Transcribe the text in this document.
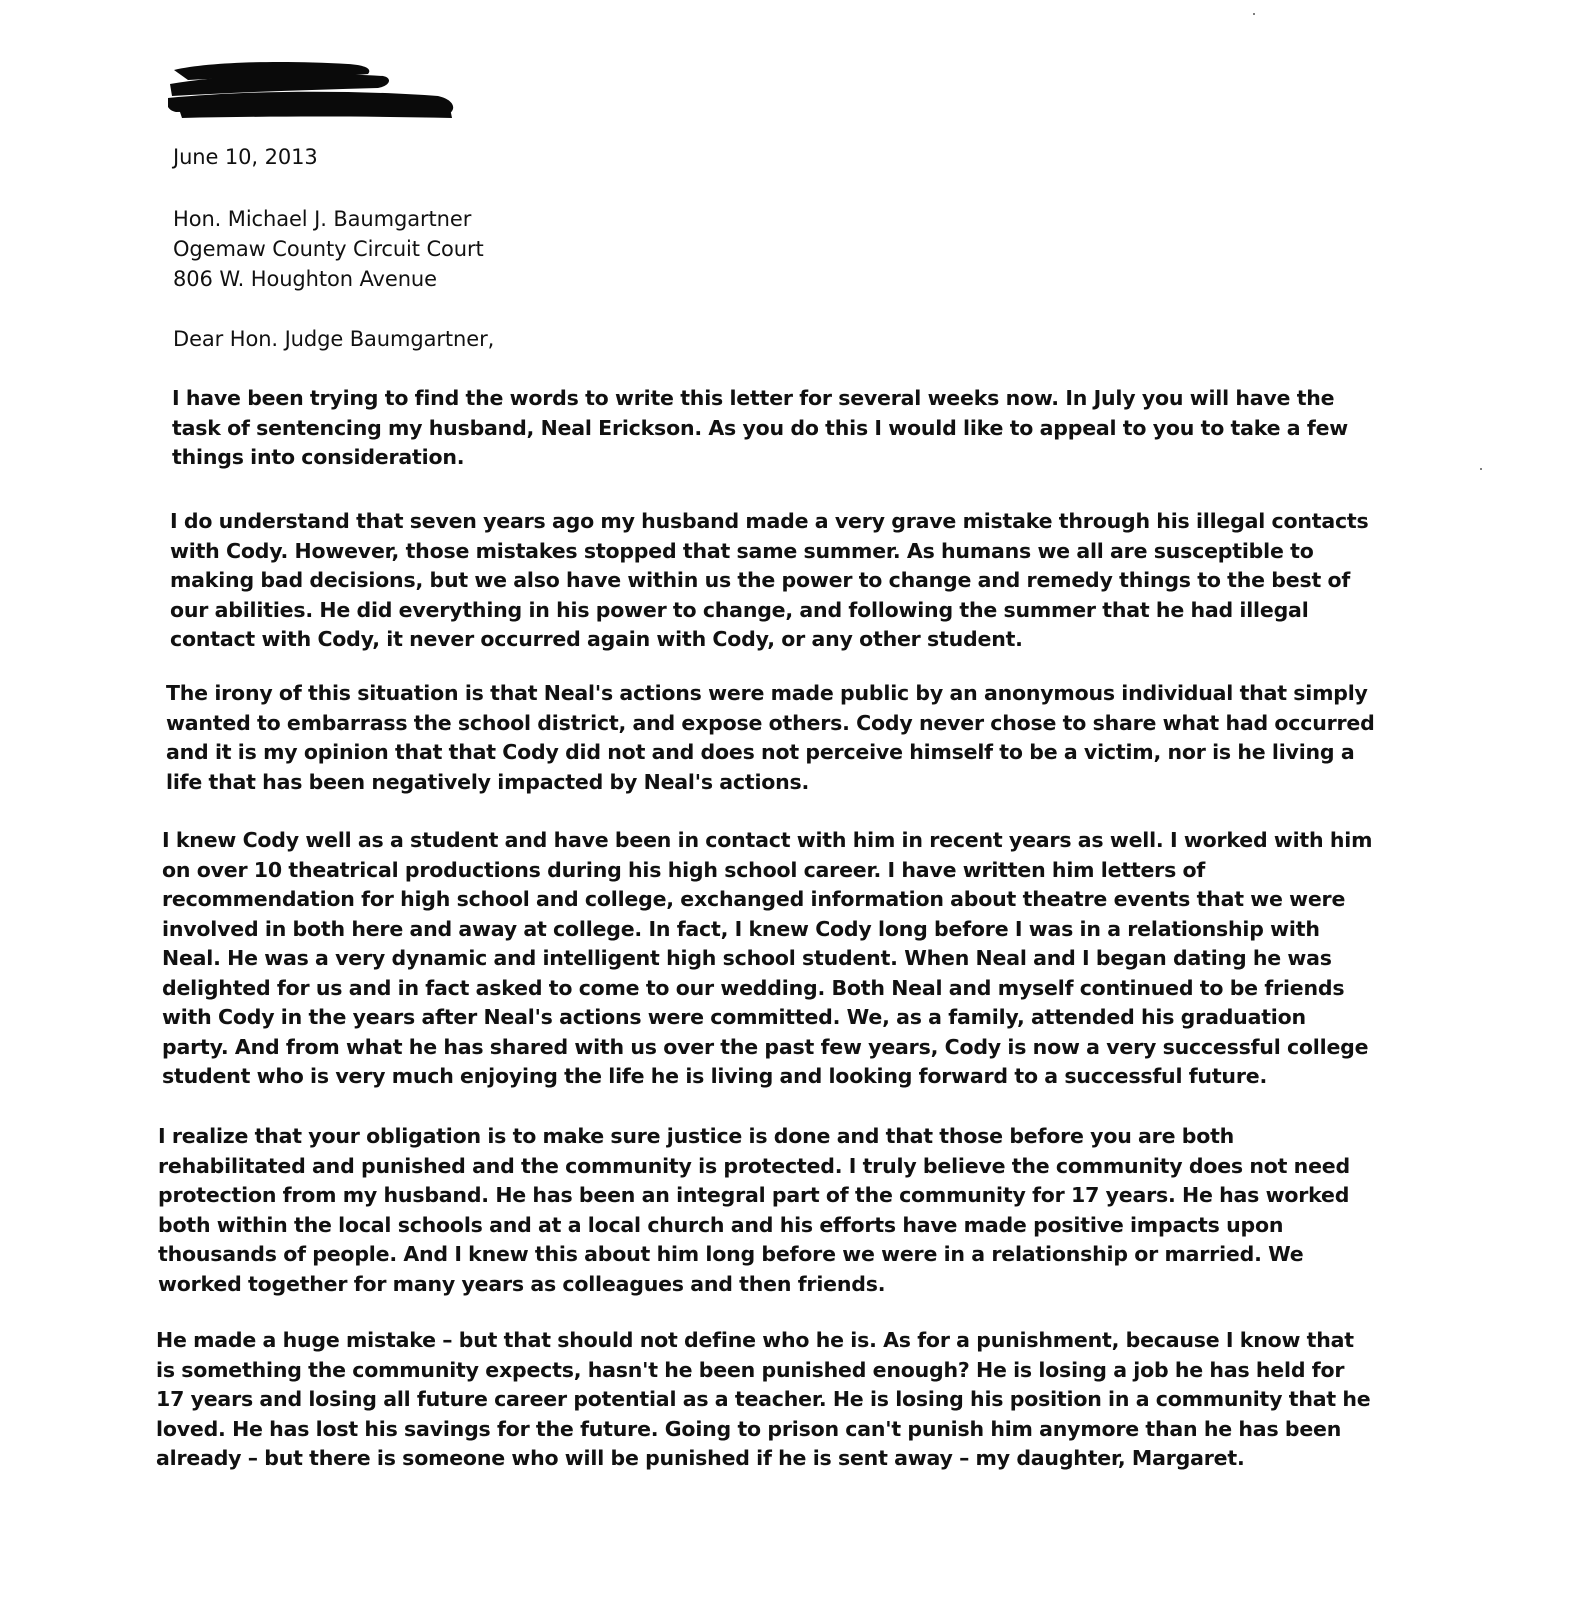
June 10, 2013
Hon. Michael J. Baumgartner
Ogemaw County Circuit Court
806 W. Houghton Avenue
Dear Hon. Judge Baumgartner,

I have been trying to find the words to write this letter for several weeks now. In July you will have the task of sentencing my husband, Neal Erickson. As you do this I would like to appeal to you to take a few things into consideration.

I do understand that seven years ago my husband made a very grave mistake through his illegal contacts with Cody. However, those mistakes stopped that same summer. As humans we all are susceptible to making bad decisions, but we also have within us the power to change and remedy things to the best of our abilities. He did everything in his power to change, and following the summer that he had illegal contact with Cody, it never occurred again with Cody, or any other student.

The irony of this situation is that Neal's actions were made public by an anonymous individual that simply wanted to embarrass the school district, and expose others. Cody never chose to share what had occurred and it is my opinion that that Cody did not and does not perceive himself to be a victim, nor is he living a life that has been negatively impacted by Neal's actions.

I knew Cody well as a student and have been in contact with him in recent years as well. I worked with him on over 10 theatrical productions during his high school career. I have written him letters of recommendation for high school and college, exchanged information about theatre events that we were involved in both here and away at college. In fact, I knew Cody long before I was in a relationship with Neal. He was a very dynamic and intelligent high school student. When Neal and I began dating he was delighted for us and in fact asked to come to our wedding. Both Neal and myself continued to be friends with Cody in the years after Neal's actions were committed. We, as a family, attended his graduation party. And from what he has shared with us over the past few years, Cody is now a very successful college student who is very much enjoying the life he is living and looking forward to a successful future.

I realize that your obligation is to make sure justice is done and that those before you are both rehabilitated and punished and the community is protected. I truly believe the community does not need protection from my husband. He has been an integral part of the community for 17 years. He has worked both within the local schools and at a local church and his efforts have made positive impacts upon thousands of people. And I knew this about him long before we were in a relationship or married. We worked together for many years as colleagues and then friends.

He made a huge mistake – but that should not define who he is. As for a punishment, because I know that is something the community expects, hasn't he been punished enough? He is losing a job he has held for 17 years and losing all future career potential as a teacher. He is losing his position in a community that he loved. He has lost his savings for the future. Going to prison can't punish him anymore than he has been already – but there is someone who will be punished if he is sent away – my daughter, Margaret.
